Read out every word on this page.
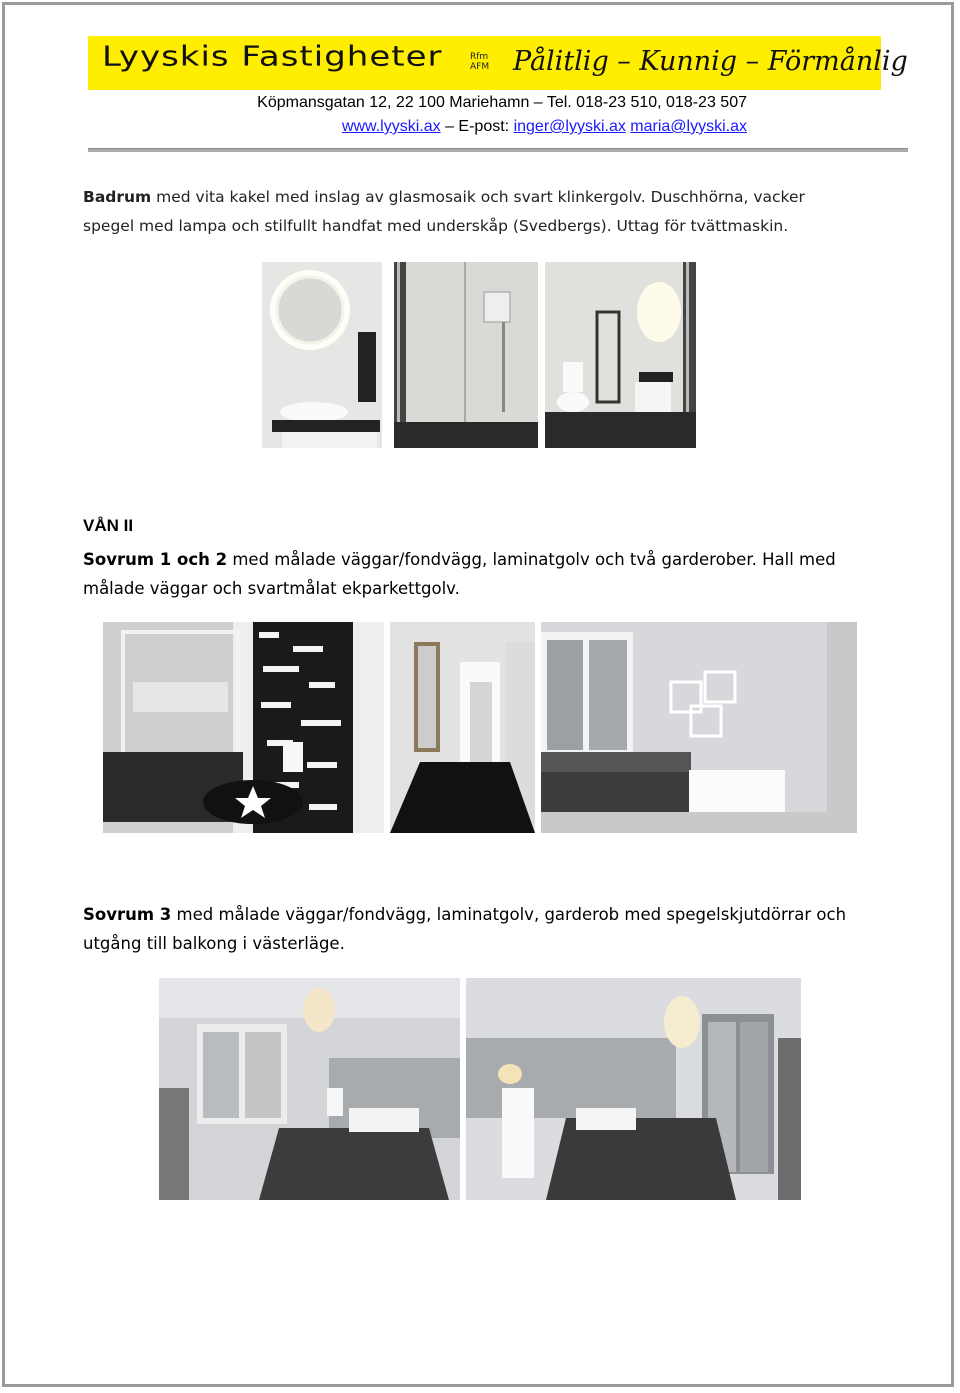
Lyyskis Fastigheter	Rfm
AFM Pålitlig – Kunnig – Förmånlig
Köpmansgatan 12, 22 100 Mariehamn – Tel. 018-23 510, 018-23 507
www.lyyski.ax – E-post: inger@lyyski.ax maria@lyyski.ax
Badrum med vita kakel med inslag av glasmosaik och svart klinkergolv. Duschhörna, vacker
spegel med lampa och stilfullt handfat med underskåp (Svedbergs). Uttag för tvättmaskin.
VÅN II
Sovrum 1 och 2 med målade väggar/fondvägg, laminatgolv och två garderober. Hall med
målade väggar och svartmålat ekparkettgolv.
Sovrum 3 med målade väggar/fondvägg, laminatgolv, garderob med spegelskjutdörrar och
utgång till balkong i västerläge.
